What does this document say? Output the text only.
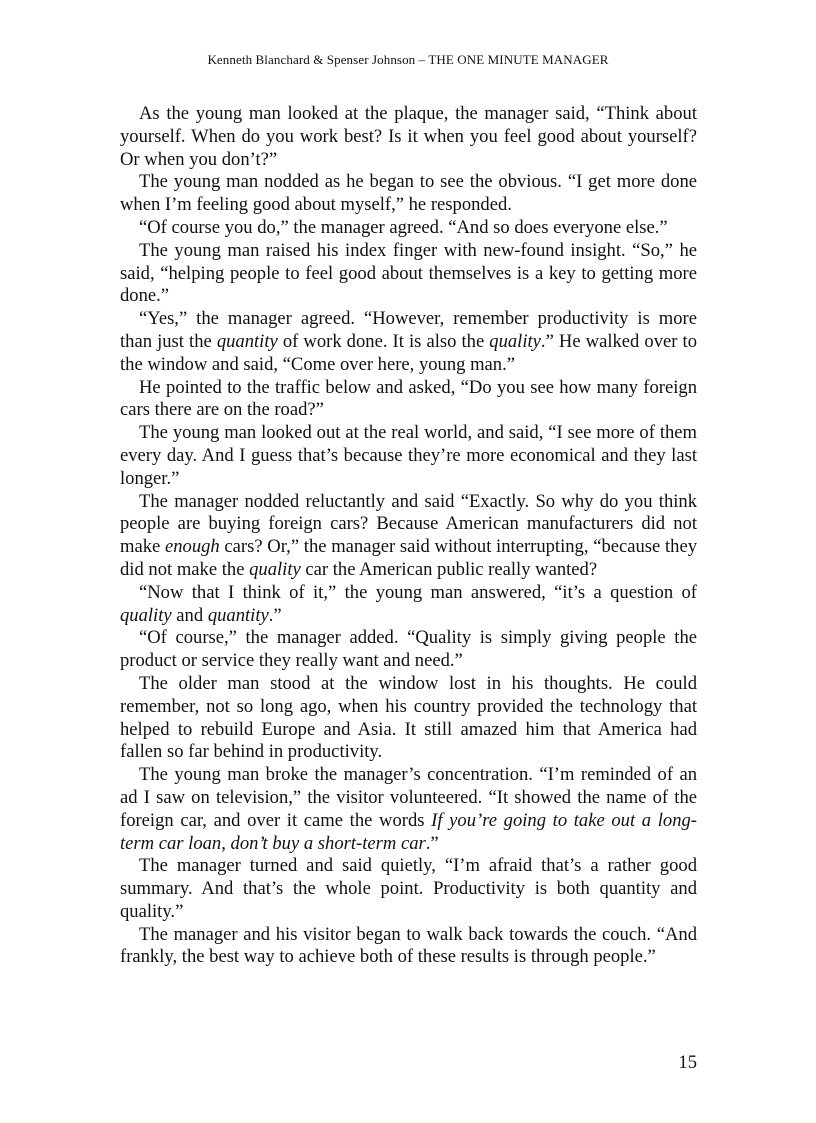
Kenneth Blanchard & Spenser Johnson – THE ONE MINUTE MANAGER

As the young man looked at the plaque, the manager said, “Think about yourself. When do you work best? Is it when you feel good about yourself? Or when you don’t?”

The young man nodded as he began to see the obvious. “I get more done when I’m feeling good about myself,” he responded.

“Of course you do,” the manager agreed. “And so does everyone else.”

The young man raised his index finger with new-found insight. “So,” he said, “helping people to feel good about themselves is a key to getting more done.”

“Yes,” the manager agreed. “However, remember productivity is more than just the quantity of work done. It is also the quality.” He walked over to the window and said, “Come over here, young man.”

He pointed to the traffic below and asked, “Do you see how many foreign cars there are on the road?”

The young man looked out at the real world, and said, “I see more of them every day. And I guess that’s because they’re more economical and they last longer.”

The manager nodded reluctantly and said “Exactly. So why do you think people are buying foreign cars? Because American manufacturers did not make enough cars? Or,” the manager said without interrupting, “because they did not make the quality car the American public really wanted?

“Now that I think of it,” the young man answered, “it’s a question of quality and quantity.”

“Of course,” the manager added. “Quality is simply giving people the product or service they really want and need.”

The older man stood at the window lost in his thoughts. He could remember, not so long ago, when his country provided the technology that helped to rebuild Europe and Asia. It still amazed him that America had fallen so far behind in productivity.

The young man broke the manager’s concentration. “I’m reminded of an ad I saw on television,” the visitor volunteered. “It showed the name of the foreign car, and over it came the words If you’re going to take out a long-term car loan, don’t buy a short-term car.”

The manager turned and said quietly, “I’m afraid that’s a rather good summary. And that’s the whole point. Productivity is both quantity and quality.”

The manager and his visitor began to walk back towards the couch. “And frankly, the best way to achieve both of these results is through people.”

15
